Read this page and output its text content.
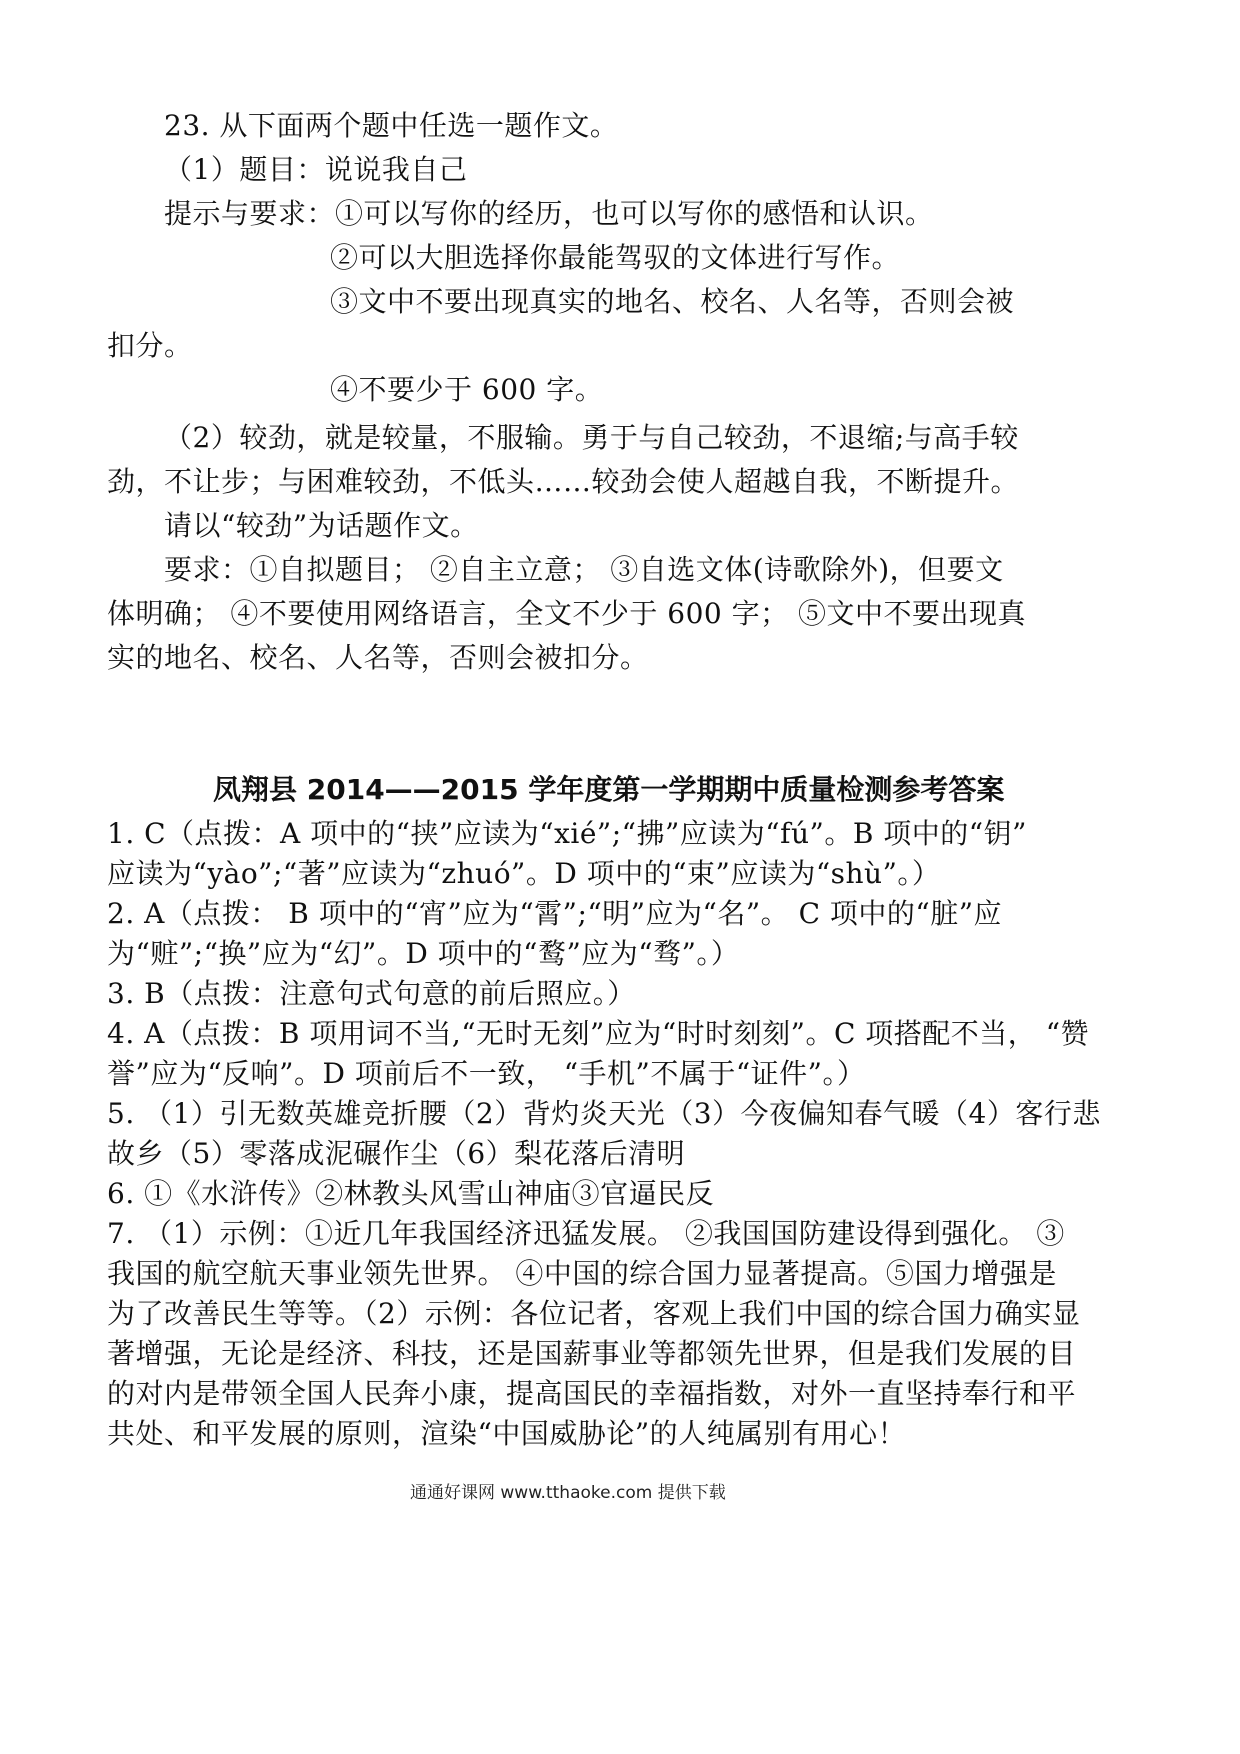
23. 从下面两个题中任选一题作文。
（1）题目：说说我自己
提示与要求：①可以写你的经历，也可以写你的感悟和认识。
②可以大胆选择你最能驾驭的文体进行写作。
③文中不要出现真实的地名、校名、人名等，否则会被
扣分。
④不要少于 600 字。
（2）较劲，就是较量，不服输。勇于与自己较劲，不退缩;与高手较
劲，不让步；与困难较劲，不低头……较劲会使人超越自我，不断提升。
请以“较劲”为话题作文。
要求：①自拟题目； ②自主立意； ③自选文体(诗歌除外)，但要文
体明确； ④不要使用网络语言，全文不少于 600 字； ⑤文中不要出现真
实的地名、校名、人名等，否则会被扣分。
凤翔县 2014——2015 学年度第一学期期中质量检测参考答案
1. C（点拨：A 项中的“挟”应读为“xié”;“拂”应读为“fú”。B 项中的“钥”
应读为“yào”;“著”应读为“zhuó”。D 项中的“束”应读为“shù”。）
2. A（点拨： B 项中的“宵”应为“霄”;“明”应为“名”。 C 项中的“脏”应
为“赃”;“换”应为“幻”。D 项中的“鹜”应为“骛”。）
3. B（点拨：注意句式句意的前后照应。）
4. A（点拨：B 项用词不当,“无时无刻”应为“时时刻刻”。C 项搭配不当， “赞
誉”应为“反响”。D 项前后不一致， “手机”不属于“证件”。）
5. （1）引无数英雄竞折腰（2）背灼炎天光（3）今夜偏知春气暖（4）客行悲
故乡（5）零落成泥碾作尘（6）梨花落后清明
6. ①《水浒传》②林教头风雪山神庙③官逼民反
7. （1）示例：①近几年我国经济迅猛发展。 ②我国国防建设得到强化。 ③
我国的航空航天事业领先世界。 ④中国的综合国力显著提高。⑤国力增强是
为了改善民生等等。（2）示例：各位记者，客观上我们中国的综合国力确实显
著增强，无论是经济、科技，还是国薪事业等都领先世界，但是我们发展的目
的对内是带领全国人民奔小康，提高国民的幸福指数，对外一直坚持奉行和平
共处、和平发展的原则，渲染“中国威胁论”的人纯属别有用心！
通通好课网 www.tthaoke.com 提供下载
